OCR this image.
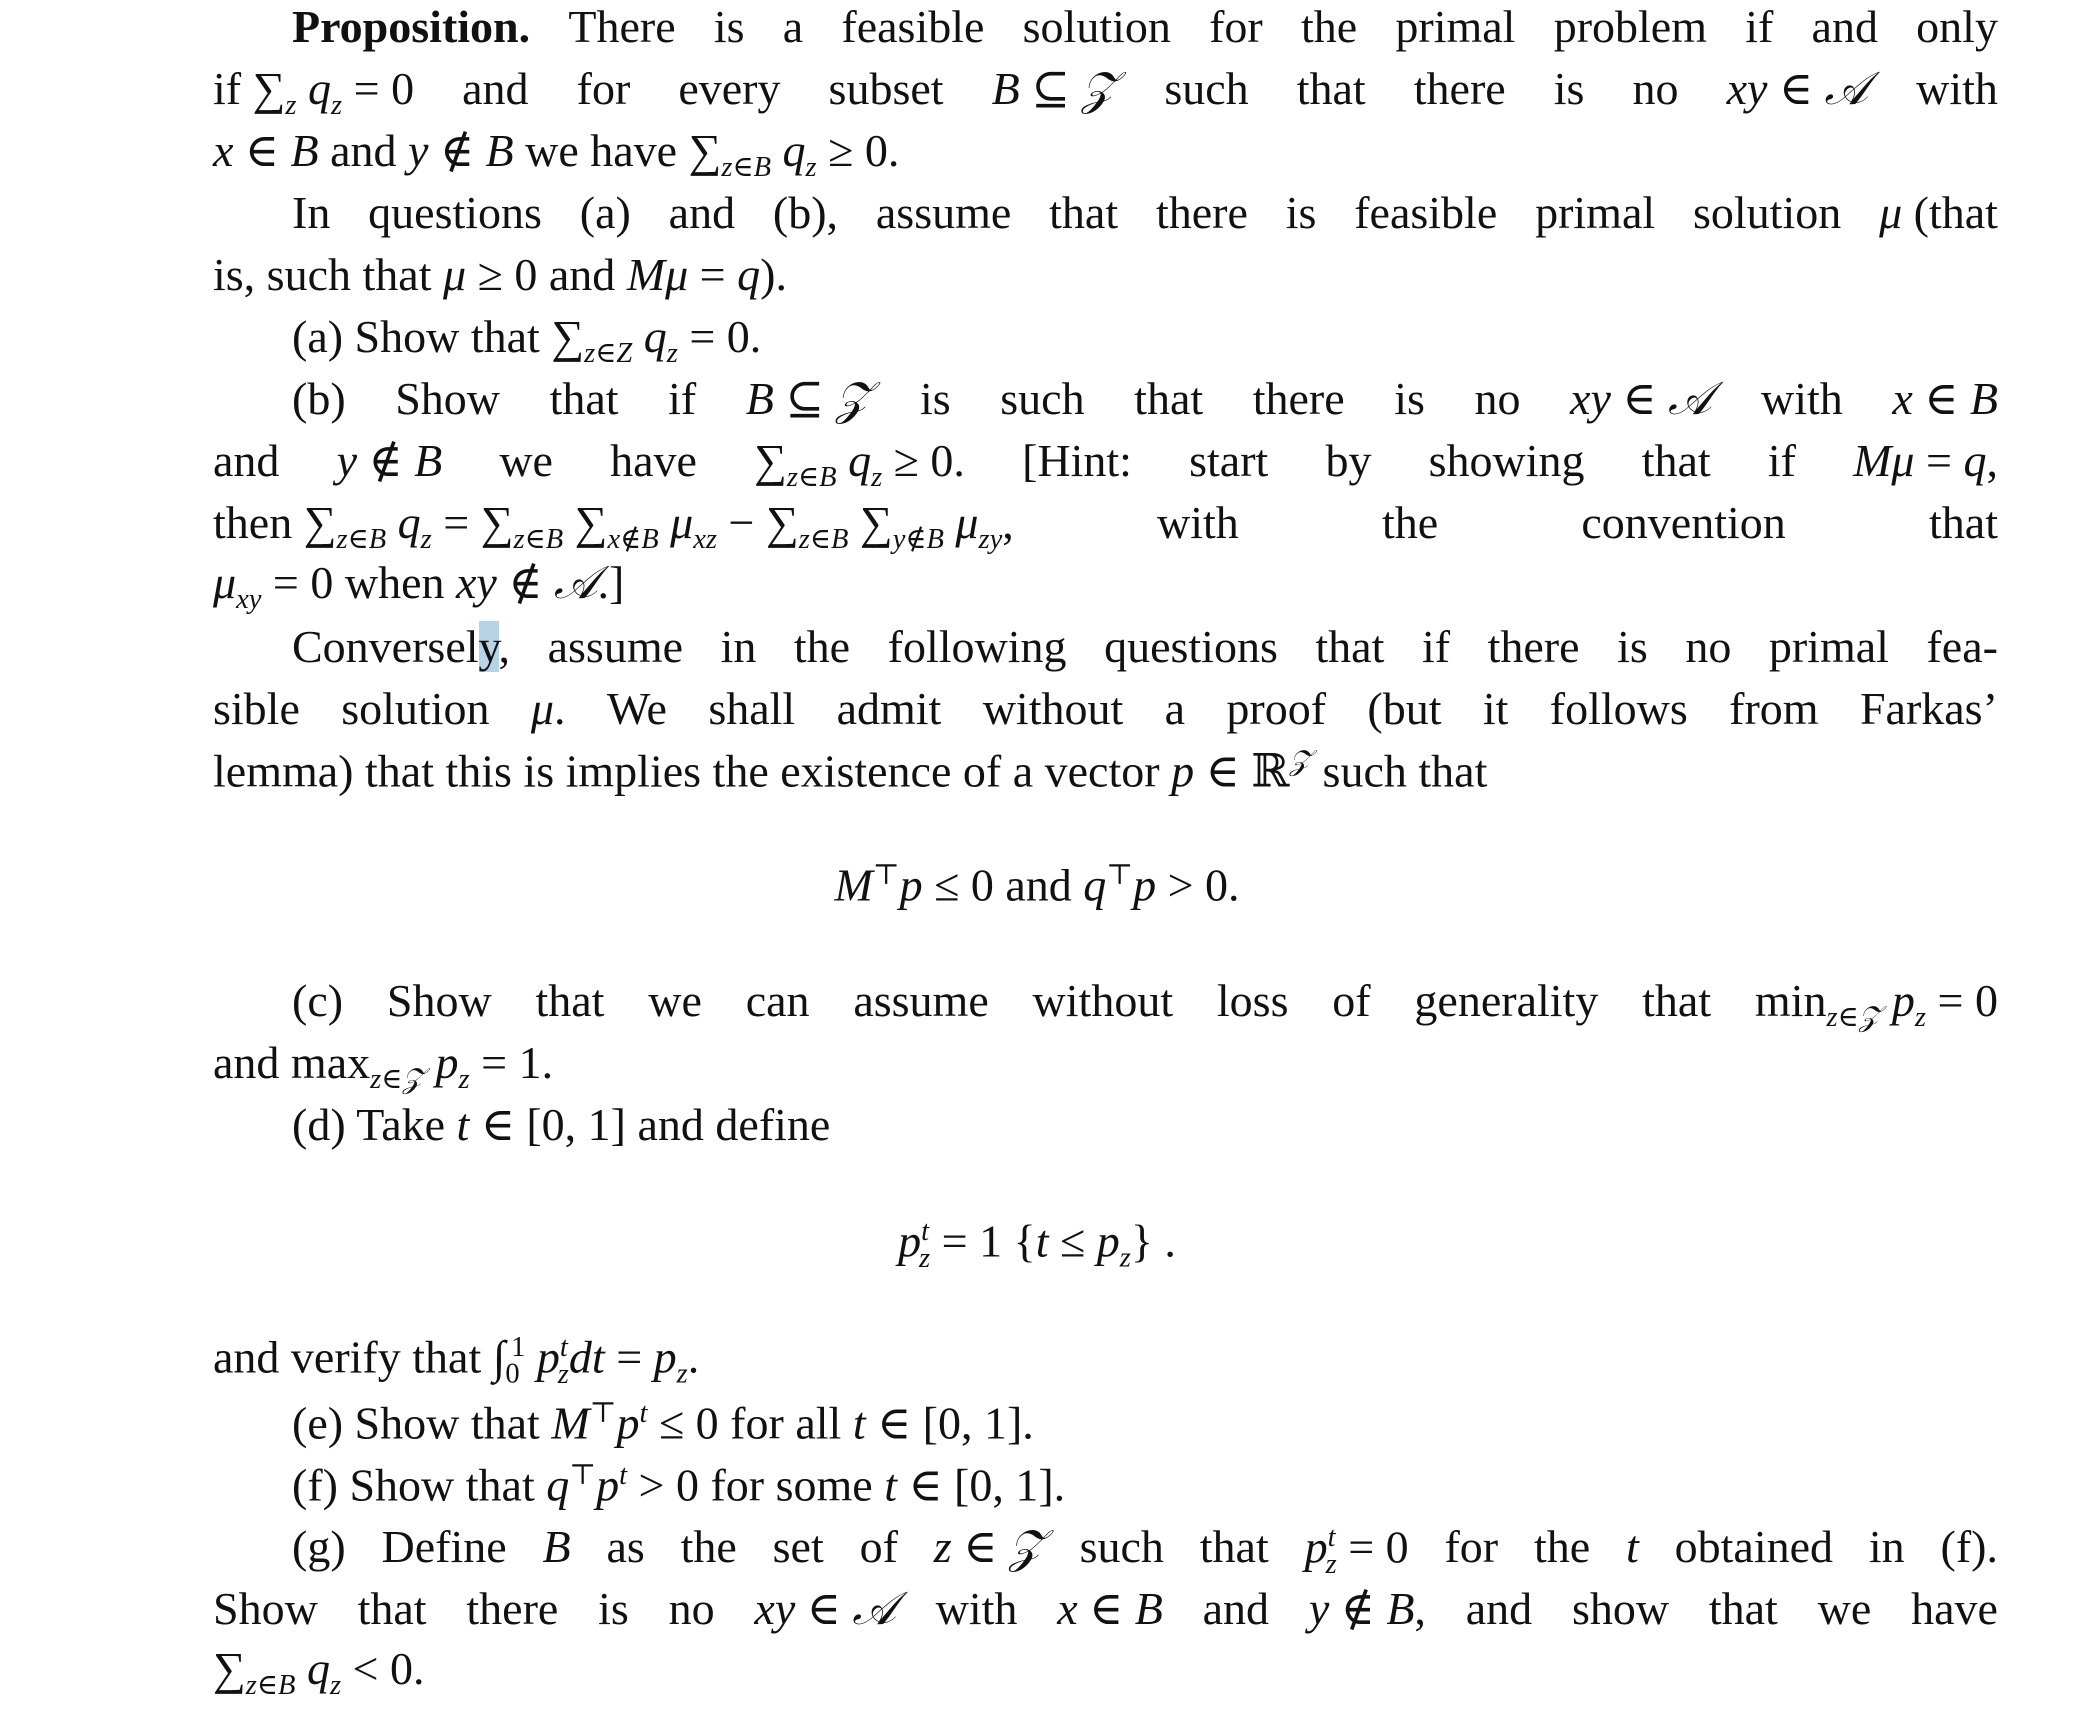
Proposition. There is a feasible solution for the primal problem if and only
if $\sum_z$ $q_z = 0$ and for every subset B ⊆ 𝒵 such that there is no xy ∈ 𝒜 with
x ∈ B and y ∉ B we have $\sum_{z\in B}$ $q_z \ge 0$.
In questions (a) and (b), assume that there is feasible primal solution μ (that
is, such that μ ≥ 0 and Mμ = q).
(a) Show that $\sum_{z\in Z}$ $q_z = 0$.
(b) Show that if B ⊆ 𝒵 is such that there is no xy ∈ 𝒜 with x ∈ B
and y ∉ B we have $\sum_{z\in B}$ $q_z \ge 0$. [Hint: start by showing that if Mμ = q,
then $\sum_{z\in B}$ $q_z = \sum_{z\in B}$ $\sum_{x\notin B}$ $\mu_{xz} - \sum_{z\in B}$ $\sum_{y\notin B}$ $\mu_{zy}$,	with	the	convention	that
$\mu_{xy} = 0$ when xy ∉ 𝒜.]
Conversely, assume in the following questions that if there is no primal fea-
sible solution μ. We shall admit without a proof (but it follows from Farkas’
lemma) that this is implies the existence of a vector p ∈ ℝ$^𝒵$ such that
M⊤p ≤ 0 and q⊤p > 0.
(c) Show that we can assume without loss of generality that $\min_{z\in 𝒵} p_z = 0$
and $\max_{z\in 𝒵} p_z = 1$.
(d) Take t ∈ [0, 1] and define
$p^t_z = 1$ $\{t \le p_z\}$ .
and verify that $\int_0^1$ $p^t_zdt = p_z$.
(e) Show that $M^⊤p^t \le 0$ for all t ∈ [0, 1].
(f) Show that $q^⊤p^t > 0$ for some t ∈ [0, 1].
(g) Define B as the set of z ∈ 𝒵 such that $p^t_z = 0$ for the t obtained in (f).
Show that there is no xy ∈ 𝒜 with x ∈ B and y ∉ B, and show that we have
$\sum_{z\in B}$ $q_z < 0$.
